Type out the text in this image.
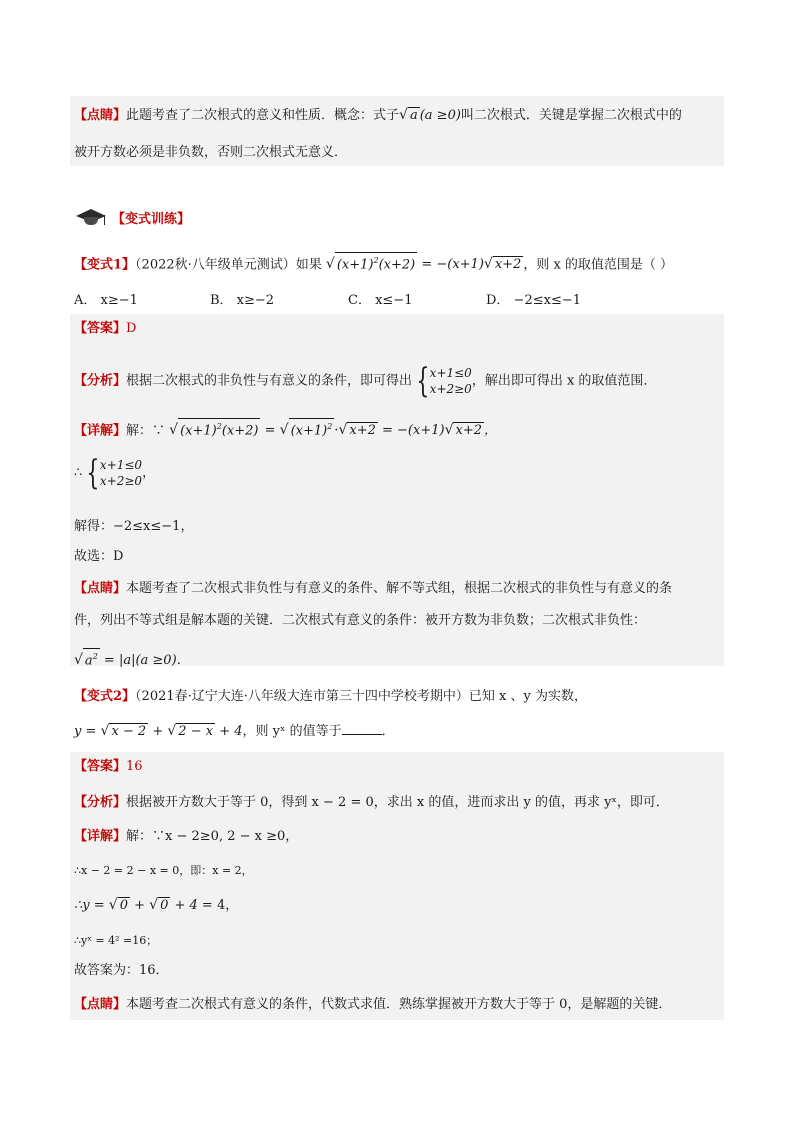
【点睛】此题考查了二次根式的意义和性质．概念：式子√ a (a ≥0)叫二次根式．关键是掌握二次根式中的
被开方数必须是非负数，否则二次根式无意义．
【变式训练】
【变式1】（2022秋·八年级单元测试）如果 √ $(x+1)^2(x+2) = -(x+1)√$ x+2 ，则 x 的取值范围是（ ）
A． x≥−1	B． x≥−2	C． x≤−1	D． −2≤x≤−1
【答案】D
【分析】根据二次根式的非负性与有意义的条件，即可得出 {x+1≤0
x+2≥0，解出即可得出 x 的取值范围．
【详解】解：∵ √ $(x+1)^2(x+2)$ = √ $(x+1)^2$ ·√ x+2 = −(x+1)√ x+2 ，
∴ {x+1≤0
x+2≥0，
解得：−2≤x≤−1，
故选：D
【点睛】本题考查了二次根式非负性与有意义的条件、解不等式组，根据二次根式的非负性与有意义的条
件，列出不等式组是解本题的关键．二次根式有意义的条件：被开方数为非负数；二次根式非负性：
√ $a^2 = |a|(a \ge 0)$．
【变式2】（2021春·辽宁大连·八年级大连市第三十四中学校考期中）已知 x 、y 为实数，
y = √ x − 2 + √ 2 − x + 4，则 yˣ 的值等于	．
【答案】16
【分析】根据被开方数大于等于 0，得到 x − 2 = 0，求出 x 的值，进而求出 y 的值，再求 yˣ，即可．
【详解】解：∵x − 2≥0, 2 − x ≥0，
∴x − 2 = 2 − x = 0，即：x = 2，
∴y = √ 0 + √ 0 + 4 = 4，
∴yˣ = 4² =16；
故答案为：16．
【点睛】本题考查二次根式有意义的条件，代数式求值．熟练掌握被开方数大于等于 0，是解题的关键．
